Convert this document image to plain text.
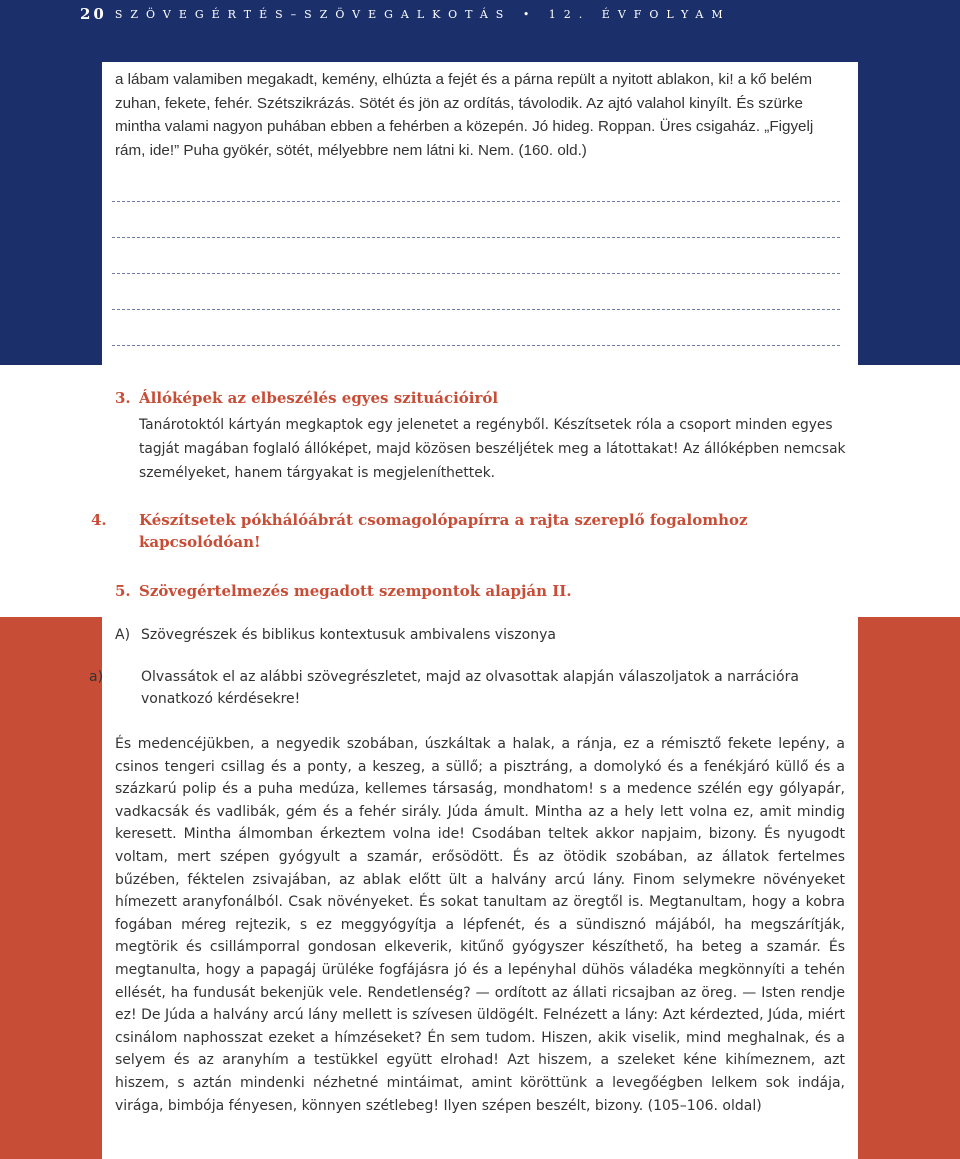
20 SZÖVEGÉRTÉS–SZÖVEGALKOTÁS • 12. ÉVFOLYAM
a lábam valamiben megakadt, kemény, elhúzta a fejét és a párna repült a nyitott ablakon, ki! a kő belém zuhan, fekete, fehér. Szétszikrázás. Sötét és jön az ordítás, távolodik. Az ajtó valahol kinyílt. És szürke mintha valami nagyon puhában ebben a fehérben a közepén. Jó hideg. Roppan. Üres csigaház. „Figyelj rám, ide!” Puha gyökér, sötét, mélyebbre nem látni ki. Nem. (160. old.)
3. Állóképek az elbeszélés egyes szituációiról
Tanárotoktól kártyán megkaptok egy jelenetet a regényből. Készítsetek róla a csoport minden egyes tagját magában foglaló állóképet, majd közösen beszéljétek meg a látottakat! Az állóképben nemcsak személyeket, hanem tárgyakat is megjeleníthettek.
4. Készítsetek pókhálóábrát csomagolópapírra a rajta szereplő fogalomhoz kapcsolódóan!
5. Szövegértelmezés megadott szempontok alapján II.
A) Szövegrészek és biblikus kontextusuk ambivalens viszonya
a)	Olvassátok el az alábbi szövegrészletet, majd az olvasottak alapján válaszoljatok a narrációra vonatkozó kérdésekre!
És medencéjükben, a negyedik szobában, úszkáltak a halak, a ránja, ez a rémisztő fekete lepény, a csinos tengeri csillag és a ponty, a keszeg, a süllő; a pisztráng, a domolykó és a fenékjáró küllő és a százkarú polip és a puha medúza, kellemes társaság, mondhatom! s a medence szélén egy gólyapár, vadkacsák és vadlibák, gém és a fehér sirály. Júda ámult. Mintha az a hely lett volna ez, amit mindig keresett. Mintha álmomban érkeztem volna ide! Csodában teltek akkor napjaim, bizony. És nyugodt voltam, mert szépen gyógyult a szamár, erősödött. És az ötödik szobában, az állatok fertelmes bűzében, féktelen zsivajában, az ablak előtt ült a halvány arcú lány. Finom selymekre növényeket hímezett aranyfonálból. Csak növényeket. És sokat tanultam az öregtől is. Megtanultam, hogy a kobra fogában méreg rejtezik, s ez meggyógyítja a lépfenét, és a sündisznó májából, ha megszárítják, megtörik és csillámporral gondosan elkeverik, kitűnő gyógyszer készíthető, ha beteg a szamár. És megtanulta, hogy a papagáj ürüléke fogfájásra jó és a lepényhal dühös váladéka megkönnyíti a tehén ellését, ha fundusát bekenjük vele. Rendetlenség? — ordított az állati ricsajban az öreg. — Isten rendje ez! De Júda a halvány arcú lány mellett is szívesen üldögélt. Felnézett a lány: Azt kérdezted, Júda, miért csinálom naphosszat ezeket a hímzéseket? Én sem tudom. Hiszen, akik viselik, mind meghalnak, és a selyem és az aranyhím a testükkel együtt elrohad! Azt hiszem, a szeleket kéne kihímeznem, azt hiszem, s aztán mindenki nézhetné mintáimat, amint köröttünk a levegőégben lelkem sok indája, virága, bimbója fényesen, könnyen szétlebeg! Ilyen szépen beszélt, bizony. (105–106. oldal)
